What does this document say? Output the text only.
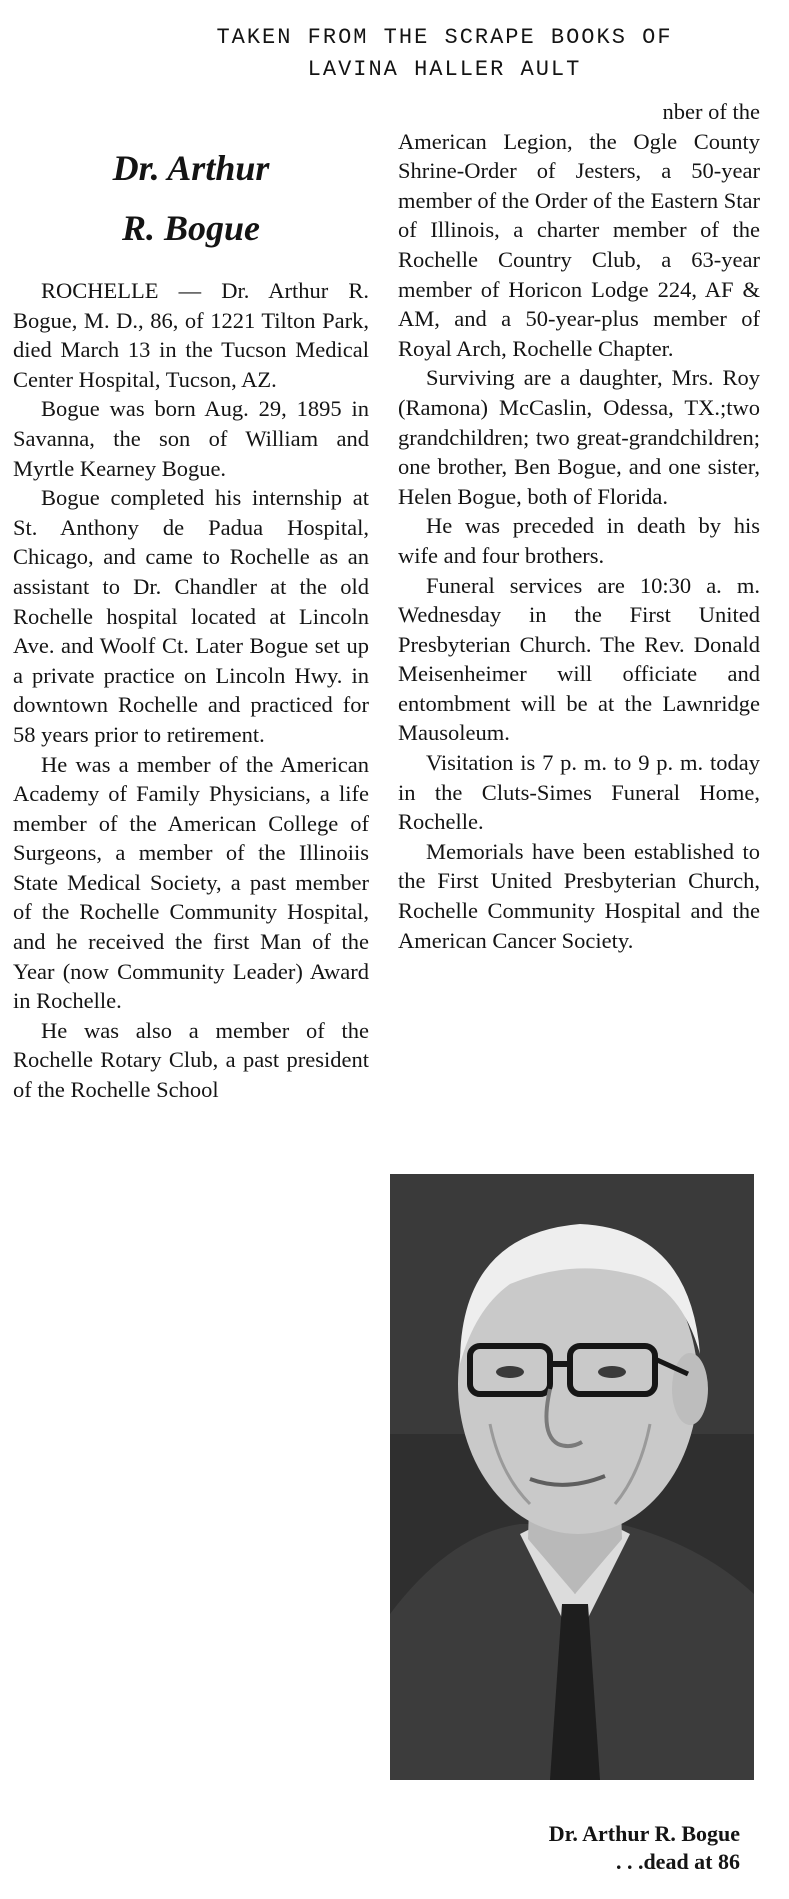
TAKEN FROM THE SCRAPE BOOKS OF
LAVINA HALLER AULT
Dr. Arthur
R. Bogue

ROCHELLE — Dr. Arthur R. Bogue, M. D., 86, of 1221 Tilton Park, died March 13 in the Tucson Medical Center Hospital, Tucson, AZ.

Bogue was born Aug. 29, 1895 in Savanna, the son of William and Myrtle Kearney Bogue.

Bogue completed his internship at St. Anthony de Padua Hospital, Chicago, and came to Rochelle as an assistant to Dr. Chandler at the old Rochelle hospital located at Lincoln Ave. and Woolf Ct. Later Bogue set up a private practice on Lincoln Hwy. in downtown Rochelle and practiced for 58 years prior to retirement.

He was a member of the American Academy of Family Physicians, a life member of the American College of Surgeons, a member of the Illinoiis State Medical Society, a past member of the Rochelle Community Hospital, and he received the first Man of the Year (now Community Leader) Award in Rochelle.

He was also a member of the Rochelle Rotary Club, a past president of the Rochelle School

nber of the

American Legion, the Ogle County Shrine-Order of Jesters, a 50-year member of the Order of the Eastern Star of Illinois, a charter member of the Rochelle Country Club, a 63-year member of Horicon Lodge 224, AF & AM, and a 50-year-plus member of Royal Arch, Rochelle Chapter.

Surviving are a daughter, Mrs. Roy (Ramona) McCaslin, Odessa, TX.;two grandchildren; two great-grandchildren; one brother, Ben Bogue, and one sister, Helen Bogue, both of Florida.

He was preceded in death by his wife and four brothers.

Funeral services are 10:30 a. m. Wednesday in the First United Presbyterian Church. The Rev. Donald Meisenheimer will officiate and entombment will be at the Lawnridge Mausoleum.

Visitation is 7 p. m. to 9 p. m. today in the Cluts-Simes Funeral Home, Rochelle.

Memorials have been established to the First United Presbyterian Church, Rochelle Community Hospital and the American Cancer Society.

Dr. Arthur R. Bogue
. . .dead at 86
